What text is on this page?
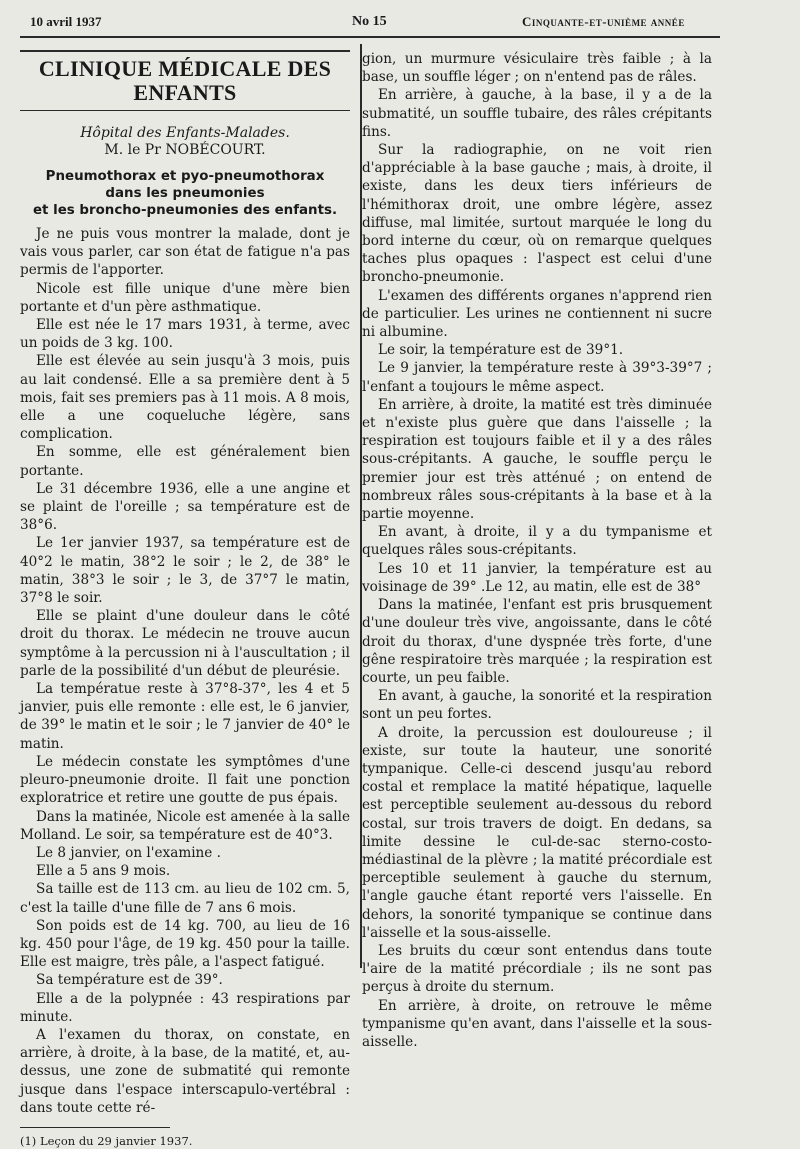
10 avril 1937	No 15	Cinquante-et-unième année
CLINIQUE MÉDICALE DES ENFANTS
Hôpital des Enfants-Malades.
M. le Pr NOBÉCOURT.
Pneumothorax et pyo-pneumothorax
dans les pneumonies
et les broncho-pneumonies des enfants.

Je ne puis vous montrer la malade, dont je vais vous parler, car son état de fatigue n'a pas permis de l'apporter.

Nicole est fille unique d'une mère bien portante et d'un père asthmatique.

Elle est née le 17 mars 1931, à terme, avec un poids de 3 kg. 100.

Elle est élevée au sein jusqu'à 3 mois, puis au lait condensé. Elle a sa première dent à 5 mois, fait ses premiers pas à 11 mois. A 8 mois, elle a une coqueluche légère, sans complication.

En somme, elle est généralement bien portante.

Le 31 décembre 1936, elle a une angine et se plaint de l'oreille ; sa température est de 38°6.

Le 1er janvier 1937, sa température est de 40°2 le matin, 38°2 le soir ; le 2, de 38° le matin, 38°3 le soir ; le 3, de 37°7 le matin, 37°8 le soir.

Elle se plaint d'une douleur dans le côté droit du thorax. Le médecin ne trouve aucun symptôme à la percussion ni à l'auscultation ; il parle de la possibilité d'un début de pleurésie.

La températue reste à 37°8-37°, les 4 et 5 janvier, puis elle remonte : elle est, le 6 janvier, de 39° le matin et le soir ; le 7 janvier de 40° le matin.

Le médecin constate les symptômes d'une pleuro-pneumonie droite. Il fait une ponction exploratrice et retire une goutte de pus épais.

Dans la matinée, Nicole est amenée à la salle Molland. Le soir, sa température est de 40°3.

Le 8 janvier, on l'examine .

Elle a 5 ans 9 mois.

Sa taille est de 113 cm. au lieu de 102 cm. 5, c'est la taille d'une fille de 7 ans 6 mois.

Son poids est de 14 kg. 700, au lieu de 16 kg. 450 pour l'âge, de 19 kg. 450 pour la taille. Elle est maigre, très pâle, a l'aspect fatigué.

Sa température est de 39°.

Elle a de la polypnée : 43 respirations par minute.

A l'examen du thorax, on constate, en arrière, à droite, à la base, de la matité, et, au-dessus, une zone de submatité qui remonte jusque dans l'espace interscapulo-vertébral : dans toute cette ré-

(1) Leçon du 29 janvier 1937.

gion, un murmure vésiculaire très faible ; à la base, un souffle léger ; on n'entend pas de râles.

En arrière, à gauche, à la base, il y a de la submatité, un souffle tubaire, des râles crépitants fins.

Sur la radiographie, on ne voit rien d'appréciable à la base gauche ; mais, à droite, il existe, dans les deux tiers inférieurs de l'hémithorax droit, une ombre légère, assez diffuse, mal limitée, surtout marquée le long du bord interne du cœur, où on remarque quelques taches plus opaques : l'aspect est celui d'une broncho-pneumonie.

L'examen des différents organes n'apprend rien de particulier. Les urines ne contiennent ni sucre ni albumine.

Le soir, la température est de 39°1.

Le 9 janvier, la température reste à 39°3-39°7 ; l'enfant a toujours le même aspect.

En arrière, à droite, la matité est très diminuée et n'existe plus guère que dans l'aisselle ; la respiration est toujours faible et il y a des râles sous-crépitants. A gauche, le souffle perçu le premier jour est très atténué ; on entend de nombreux râles sous-crépitants à la base et à la partie moyenne.

En avant, à droite, il y a du tympanisme et quelques râles sous-crépitants.

Les 10 et 11 janvier, la température est au voisinage de 39° .Le 12, au matin, elle est de 38°

Dans la matinée, l'enfant est pris brusquement d'une douleur très vive, angoissante, dans le côté droit du thorax, d'une dyspnée très forte, d'une gêne respiratoire très marquée ; la respiration est courte, un peu faible.

En avant, à gauche, la sonorité et la respiration sont un peu fortes.

A droite, la percussion est douloureuse ; il existe, sur toute la hauteur, une sonorité tympanique. Celle-ci descend jusqu'au rebord costal et remplace la matité hépatique, laquelle est perceptible seulement au-dessous du rebord costal, sur trois travers de doigt. En dedans, sa limite dessine le cul-de-sac sterno-costo-médiastinal de la plèvre ; la matité précordiale est perceptible seulement à gauche du sternum, l'angle gauche étant reporté vers l'aisselle. En dehors, la sonorité tympanique se continue dans l'aisselle et la sous-aisselle.

Les bruits du cœur sont entendus dans toute l'aire de la matité précordiale ; ils ne sont pas perçus à droite du sternum.

En arrière, à droite, on retrouve le même tympanisme qu'en avant, dans l'aisselle et la sous-aisselle.
